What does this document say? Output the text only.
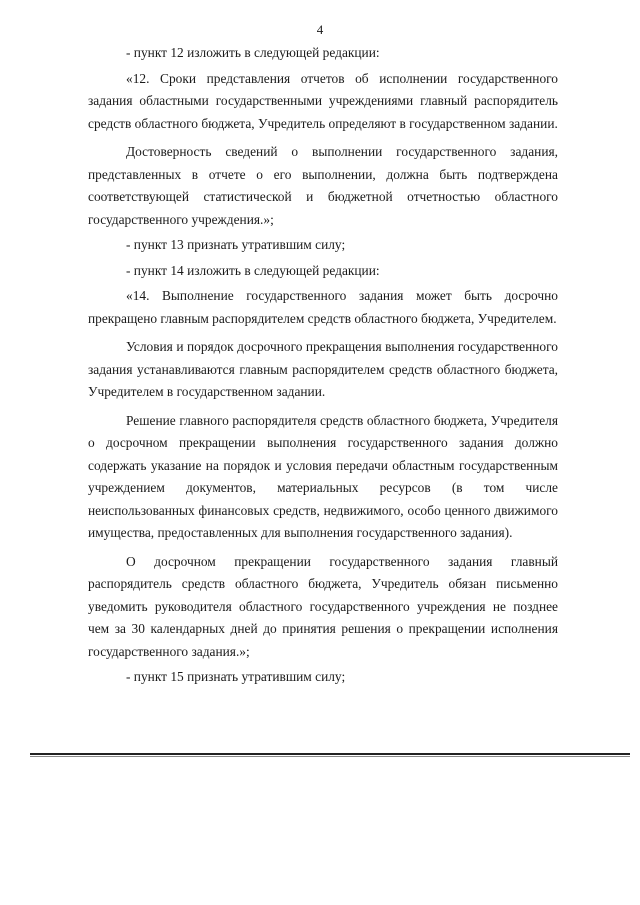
4

- пункт 12 изложить в следующей редакции:

«12. Сроки представления отчетов об исполнении государственного задания областными государственными учреждениями главный распорядитель средств областного бюджета, Учредитель определяют в государственном задании.

Достоверность сведений о выполнении государственного задания, представленных в отчете о его выполнении, должна быть подтверждена соответствующей статистической и бюджетной отчетностью областного государственного учреждения.»;

- пункт 13 признать утратившим силу;

- пункт 14 изложить в следующей редакции:

«14. Выполнение государственного задания может быть досрочно прекращено главным распорядителем средств областного бюджета, Учредителем.

Условия и порядок досрочного прекращения выполнения государственного задания устанавливаются главным распорядителем средств областного бюджета, Учредителем в государственном задании.

Решение главного распорядителя средств областного бюджета, Учредителя о досрочном прекращении выполнения государственного задания должно содержать указание на порядок и условия передачи областным государственным учреждением документов, материальных ресурсов (в том числе неиспользованных финансовых средств, недвижимого, особо ценного движимого имущества, предоставленных для выполнения государственного задания).

О досрочном прекращении государственного задания главный распорядитель средств областного бюджета, Учредитель обязан письменно уведомить руководителя областного государственного учреждения не позднее чем за 30 календарных дней до принятия решения о прекращении исполнения государственного задания.»;

- пункт 15 признать утратившим силу;
